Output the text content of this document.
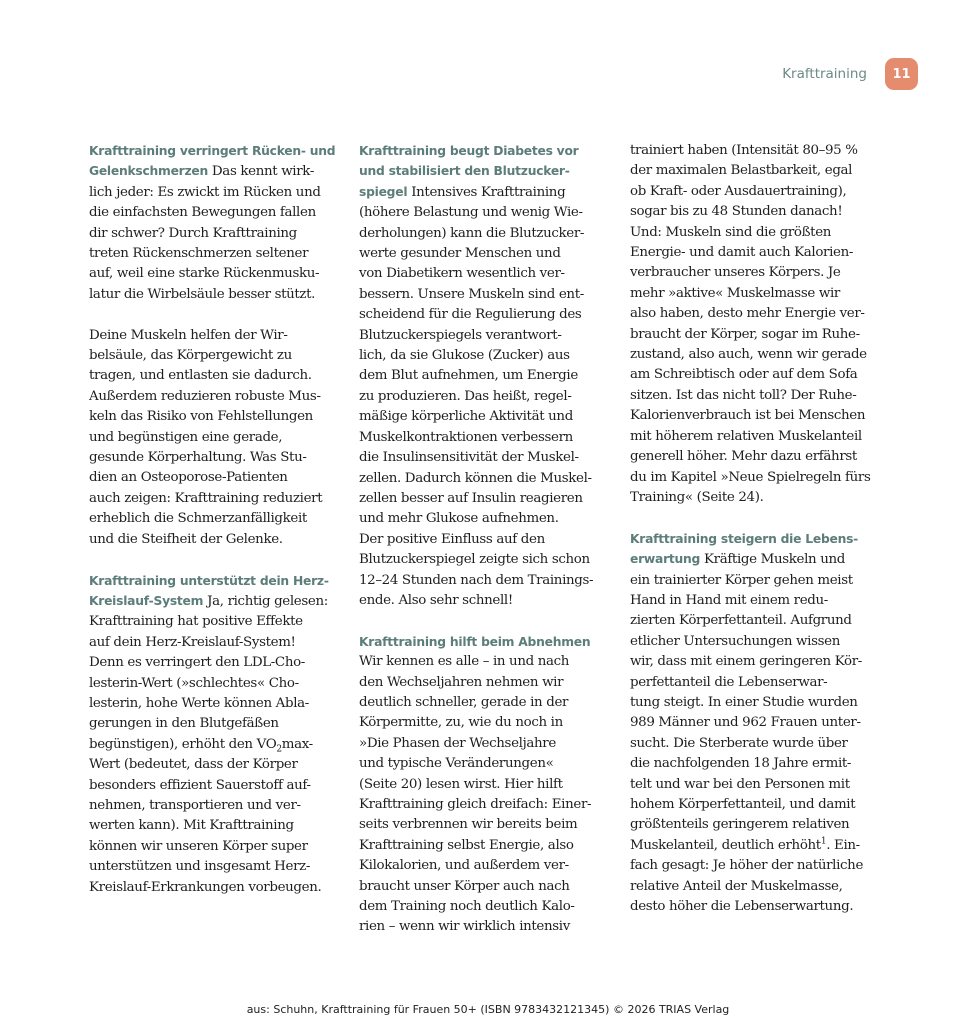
Krafttraining	11
Krafttraining verringert Rücken- und
Gelenkschmerzen Das kennt wirk-
lich jeder: Es zwickt im Rücken und
die einfachsten Bewegungen fallen
dir schwer? Durch Krafttraining
treten Rückenschmerzen seltener
auf, weil eine starke Rückenmusku-
latur die Wirbelsäule besser stützt.
Deine Muskeln helfen der Wir-
belsäule, das Körpergewicht zu
tragen, und entlasten sie dadurch.
Außerdem reduzieren robuste Mus-
keln das Risiko von Fehlstellungen
und begünstigen eine gerade,
gesunde Körperhaltung. Was Stu-
dien an Osteoporose-Patienten
auch zeigen: Krafttraining reduziert
erheblich die Schmerzanfälligkeit
und die Steifheit der Gelenke.
Krafttraining unterstützt dein Herz-
Kreislauf-System Ja, richtig gelesen:
Krafttraining hat positive Effekte
auf dein Herz-Kreislauf-System!
Denn es verringert den LDL-Cho-
lesterin-Wert (»schlechtes« Cho-
lesterin, hohe Werte können Abla-
gerungen in den Blutgefäßen
begünstigen), erhöht den $VO_2\max-$
Wert (bedeutet, dass der Körper
besonders effizient Sauerstoff auf-
nehmen, transportieren und ver-
werten kann). Mit Krafttraining
können wir unseren Körper super
unterstützen und insgesamt Herz-
Kreislauf-Erkrankungen vorbeugen.
Krafttraining beugt Diabetes vor
und stabilisiert den Blutzucker-
spiegel Intensives Krafttraining
(höhere Belastung und wenig Wie-
derholungen) kann die Blutzucker-
werte gesunder Menschen und
von Diabetikern wesentlich ver-
bessern. Unsere Muskeln sind ent-
scheidend für die Regulierung des
Blutzuckerspiegels verantwort-
lich, da sie Glukose (Zucker) aus
dem Blut aufnehmen, um Energie
zu produzieren. Das heißt, regel-
mäßige körperliche Aktivität und
Muskelkontraktionen verbessern
die Insulinsensitivität der Muskel-
zellen. Dadurch können die Muskel-
zellen besser auf Insulin reagieren
und mehr Glukose aufnehmen.
Der positive Einfluss auf den
Blutzuckerspiegel zeigte sich schon
12–24 Stunden nach dem Trainings-
ende. Also sehr schnell!
Krafttraining hilft beim Abnehmen
Wir kennen es alle – in und nach
den Wechseljahren nehmen wir
deutlich schneller, gerade in der
Körpermitte, zu, wie du noch in
»Die Phasen der Wechseljahre
und typische Veränderungen«
(Seite 20) lesen wirst. Hier hilft
Krafttraining gleich dreifach: Einer-
seits verbrennen wir bereits beim
Krafttraining selbst Energie, also
Kilokalorien, und außerdem ver-
braucht unser Körper auch nach
dem Training noch deutlich Kalo-
rien – wenn wir wirklich intensiv
trainiert haben (Intensität 80–95 %
der maximalen Belastbarkeit, egal
ob Kraft- oder Ausdauertraining),
sogar bis zu 48 Stunden danach!
Und: Muskeln sind die größten
Energie- und damit auch Kalorien-
verbraucher unseres Körpers. Je
mehr »aktive« Muskelmasse wir
also haben, desto mehr Energie ver-
braucht der Körper, sogar im Ruhe-
zustand, also auch, wenn wir gerade
am Schreibtisch oder auf dem Sofa
sitzen. Ist das nicht toll? Der Ruhe-
Kalorienverbrauch ist bei Menschen
mit höherem relativen Muskelanteil
generell höher. Mehr dazu erfährst
du im Kapitel »Neue Spielregeln fürs
Training« (Seite 24).
Krafttraining steigern die Lebens-
erwartung Kräftige Muskeln und
ein trainierter Körper gehen meist
Hand in Hand mit einem redu-
zierten Körperfettanteil. Aufgrund
etlicher Untersuchungen wissen
wir, dass mit einem geringeren Kör-
perfettanteil die Lebenserwar-
tung steigt. In einer Studie wurden
989 Männer und 962 Frauen unter-
sucht. Die Sterberate wurde über
die nachfolgenden 18 Jahre ermit-
telt und war bei den Personen mit
hohem Körperfettanteil, und damit
größtenteils geringerem relativen
Muskelanteil, deutlich erhöht$^1$. Ein-
fach gesagt: Je höher der natürliche
relative Anteil der Muskelmasse,
desto höher die Lebenserwartung.
aus: Schuhn, Krafttraining für Frauen 50+ (ISBN 9783432121345) © 2026 TRIAS Verlag
